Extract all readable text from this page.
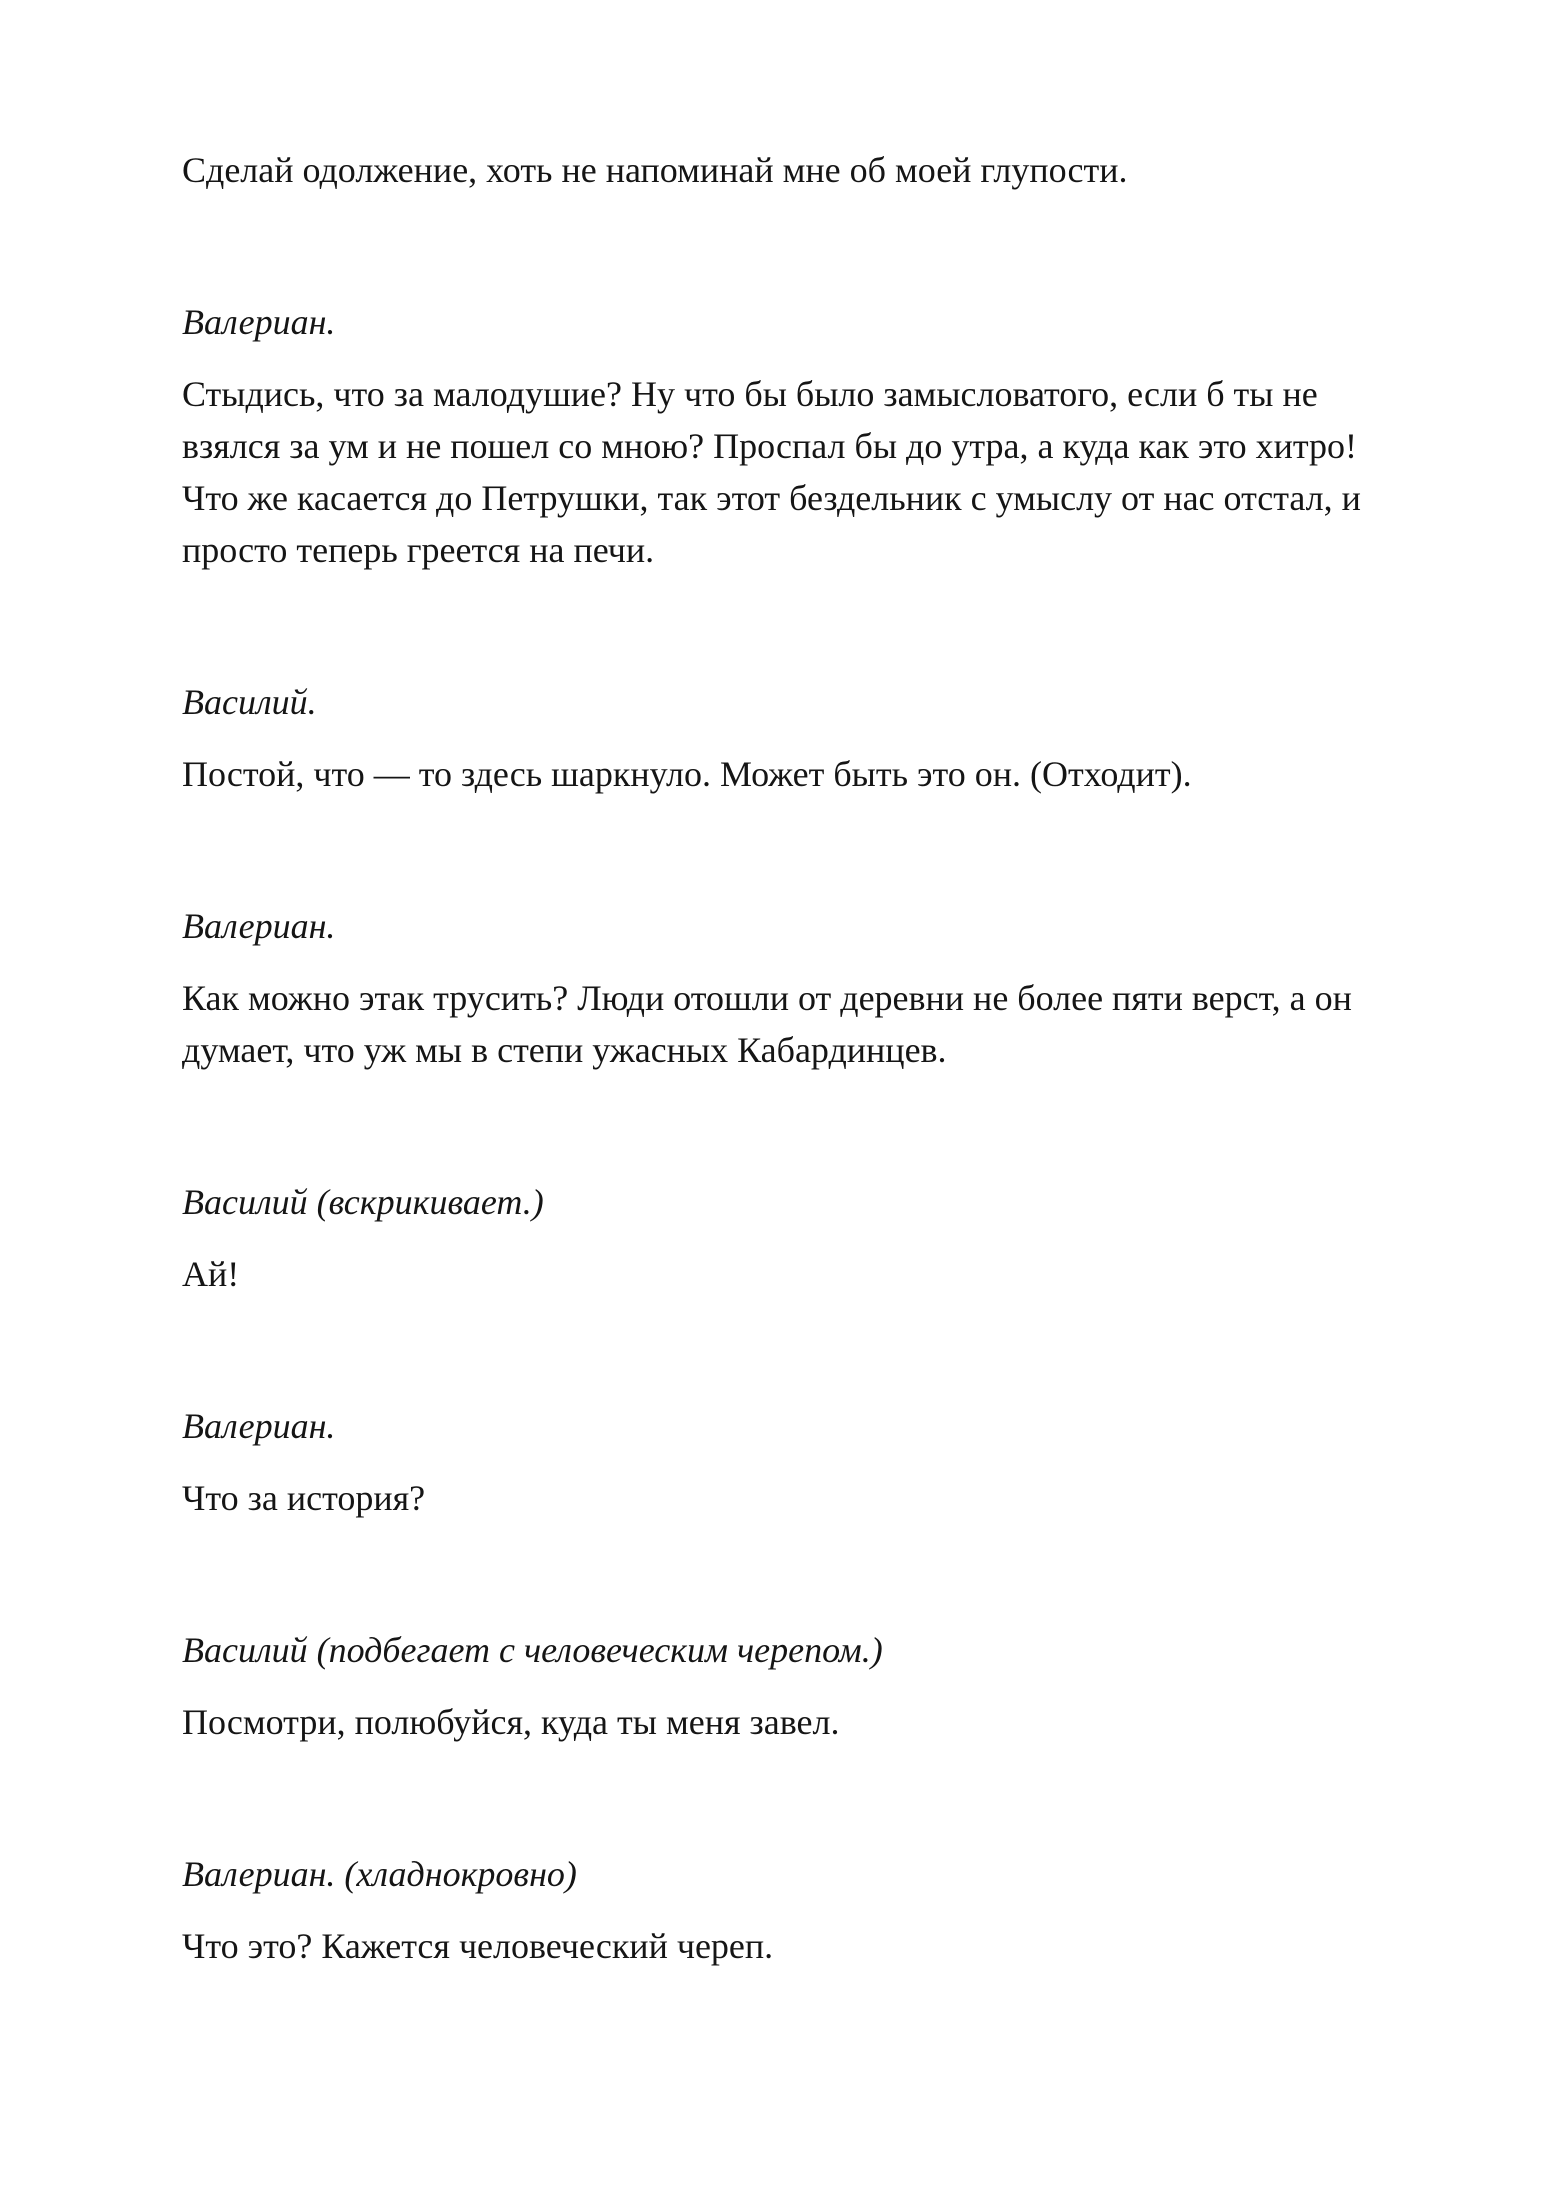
Сделай одолжение, хоть не напоминай мне об моей глупости.

Валериан.

Стыдись, что за малодушие? Ну что бы было замысловатого, если б ты не

взялся за ум и не пошел со мною? Проспал бы до утра, а куда как это хитро!

Что же касается до Петрушки, так этот бездельник с умыслу от нас отстал, и

просто теперь греется на печи.

Василий.

Постой, что — то здесь шаркнуло. Может быть это он. (Отходит).

Валериан.

Как можно этак трусить? Люди отошли от деревни не более пяти верст, а он

думает, что уж мы в степи ужасных Кабардинцев.

Василий (вскрикивает.)

Ай!

Валериан.

Что за история?

Василий (подбегает с человеческим черепом.)

Посмотри, полюбуйся, куда ты меня завел.

Валериан. (хладнокровно)

Что это? Кажется человеческий череп.
